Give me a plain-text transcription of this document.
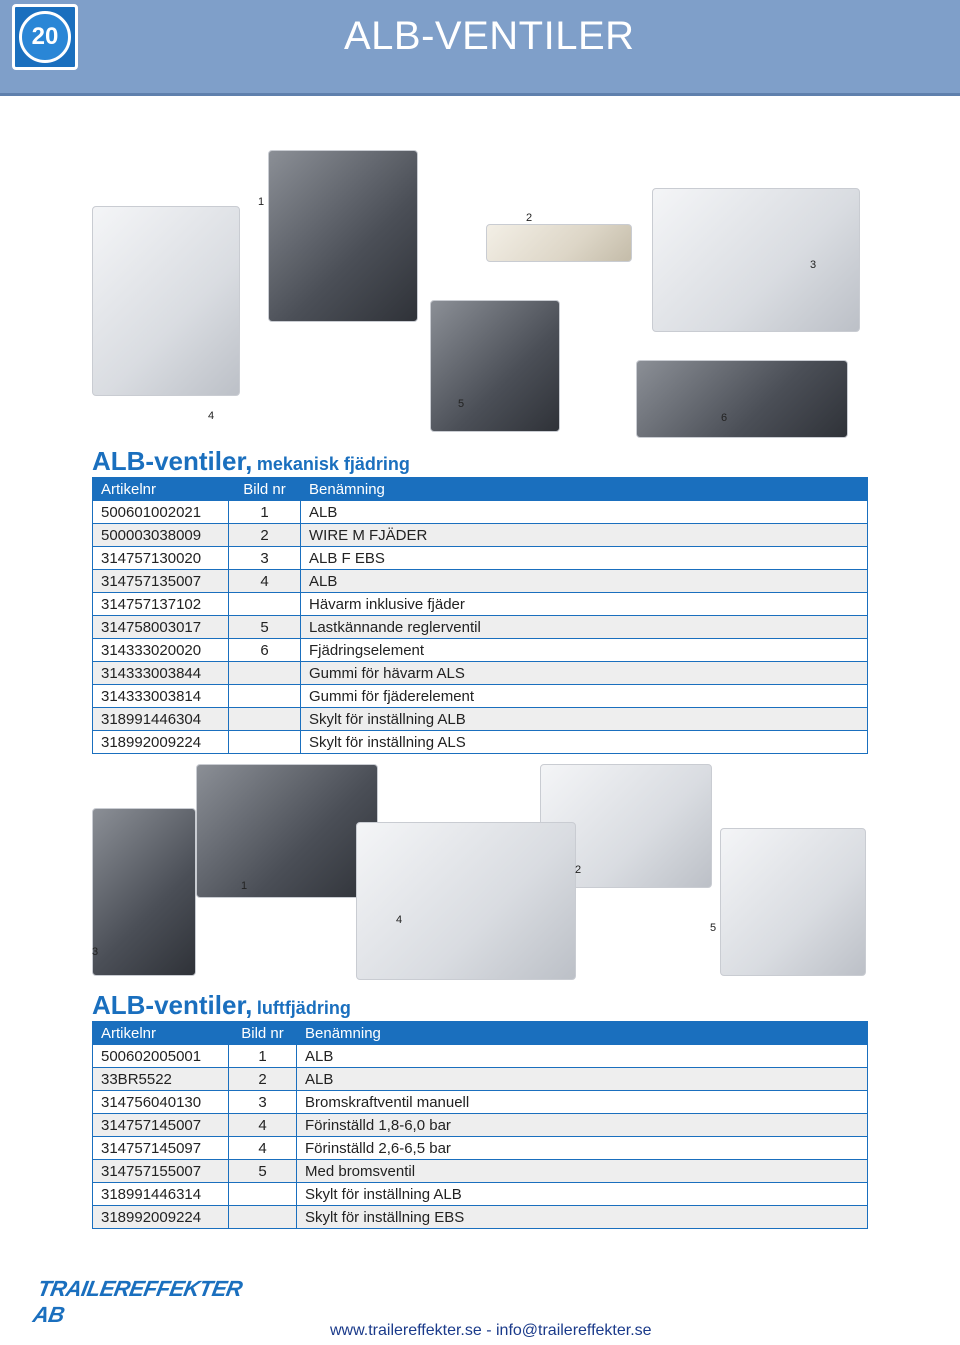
20	ALB-VENTILER
1
2
3
4
5
6
ALB-ventiler, mekanisk fjädring
Artikelnr	Bild nr	Benämning
500601002021	1	ALB
500003038009	2	WIRE M FJÄDER
314757130020	3	ALB F EBS
314757135007	4	ALB
314757137102		Hävarm inklusive fjäder
314758003017	5	Lastkännande reglerventil
314333020020	6	Fjädringselement
314333003844		Gummi för hävarm ALS
314333003814		Gummi för fjäderelement
318991446304		Skylt för inställning ALB
318992009224		Skylt för inställning ALS
1
2
3
4
5
ALB-ventiler, luftfjädring
Artikelnr	Bild nr	Benämning
500602005001	1	ALB
33BR5522	2	ALB
314756040130	3	Bromskraftventil manuell
314757145007	4	Förinställd 1,8-6,0 bar
314757145097	4	Förinställd 2,6-6,5 bar
314757155007	5	Med bromsventil
318991446314		Skylt för inställning ALB
318992009224		Skylt för inställning EBS
TRAILEREFFEKTER AB
www.trailereffekter.se - info@trailereffekter.se
